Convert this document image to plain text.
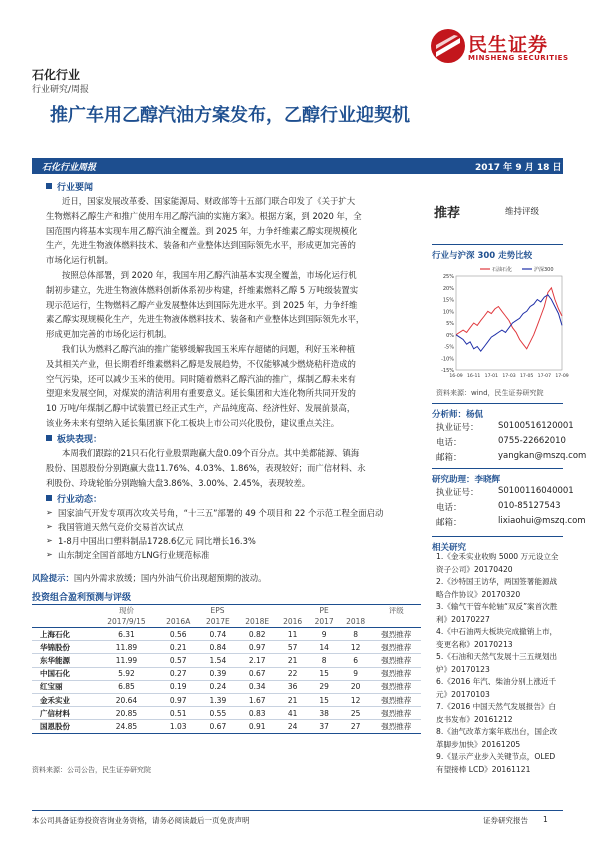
民生证券
MINSHENG SECURITIES
石化行业
行业研究/周报
推广车用乙醇汽油方案发布，乙醇行业迎契机
石化行业周报	2017 年 9 月 18 日
行业要闻
近日，国家发展改革委、国家能源局、财政部等十五部门联合印发了《关于扩大
生物燃料乙醇生产和推广使用车用乙醇汽油的实施方案》。根据方案，到 2020 年，全
国范围内将基本实现车用乙醇汽油全覆盖。到 2025 年，力争纤维素乙醇实现规模化
生产，先进生物液体燃料技术、装备和产业整体达到国际领先水平，形成更加完善的
市场化运行机制。
按照总体部署，到 2020 年，我国车用乙醇汽油基本实现全覆盖，市场化运行机
制初步建立，先进生物液体燃料创新体系初步构建，纤维素燃料乙醇 5 万吨级装置实
现示范运行，生物燃料乙醇产业发展整体达到国际先进水平。到 2025 年，力争纤维
素乙醇实现规模化生产，先进生物液体燃料技术、装备和产业整体达到国际领先水平，
形成更加完善的市场化运行机制。
我们认为燃料乙醇汽油的推广能够缓解我国玉米库存超储的问题，利好玉米种植
及其相关产业，但长期看纤维素燃料乙醇是发展趋势，不仅能够减少燃烧秸秆造成的
空气污染，还可以减少玉米的使用。同时随着燃料乙醇汽油的推广，煤制乙醇未来有
望迎来发展空间，对煤炭的清洁利用有重要意义。延长集团和大连化物所共同开发的
10 万吨/年煤制乙醇中试装置已经正式生产，产品纯度高、经济性好、发展前景高，
该业务未来有望纳入延长集团旗下化工板块上市公司兴化股份，建议重点关注。
板块表现：
本周我们跟踪的21只石化行业股票跑赢大盘0.09个百分点。其中美都能源、镇海
股份、国恩股份分别跑赢大盘11.76%、4.03%、1.86%，表现较好；而广信材料、永
利股份、玲珑轮胎分别跑输大盘3.86%、3.00%、2.45%，表现较差。
行业动态：
➢ 国家油气开发专项再次攻关号角，“十三五”部署的 49 个项目和 22 个示范工程全面启动
➢ 我国管道天然气竞价交易首次试点
➢ 1-8月中国出口塑料制品1728.6亿元 同比增长16.3%
➢ 山东制定全国首部地方LNG行业规范标准
风险提示：国内外需求放缓；国内外油气价出现超预期的波动。
投资组合盈利预测与评级
	现价	EPS			PE			评级
	2017/9/15	2016A	2017E	2018E	2016	2017	2018	
上海石化	6.31	0.56	0.74	0.82	11	9	8	强烈推荐
华锦股份	11.89	0.21	0.84	0.97	57	14	12	强烈推荐
东华能源	11.99	0.57	1.54	2.17	21	8	6	强烈推荐
中国石化	5.92	0.27	0.39	0.67	22	15	9	强烈推荐
红宝丽	6.85	0.19	0.24	0.34	36	29	20	强烈推荐
金禾实业	20.64	0.97	1.39	1.67	21	15	12	强烈推荐
广信材料	20.85	0.51	0.55	0.83	41	38	25	强烈推荐
国恩股份	24.85	1.03	0.67	0.91	24	37	27	强烈推荐
资料来源：公司公告，民生证券研究院
推荐	维持评级
行业与沪深 300 走势比较
-15%
-10%
-5%
0%
5%
10%
15%
20%
25%
16-09 16-11 17-01 17-03 17-05 17-07 17-09
石油石化	沪深300
资料来源：wind，民生证券研究院
分析师：杨侃
执业证号： S0100516120001
电话：	0755-22662010
邮箱：	yangkan@mszq.com
研究助理：李晓辉
执业证号： S0100116040001
电话：	010-85127543
邮箱：	lixiaohui@mszq.com
相关研究
1.《金禾实业收购 5000 万元设立全资子公司》20170420
2.《沙特国王访华，两国签署能源战略合作协议》20170320
3.《输气干管车轮轴“双反”案首次胜利》20170227
4.《中石油两大板块完成撤销上市，变更名称》20170213
5.《石油和天然气发展十三五规划出炉》20170123
6.《2016 年汽、柴油分别上涨近千元》20170103
7.《2016 中国天然气发展报告》白皮书发布》20161212
8.《油气改革方案年底出台，国企改革脚步加快》20161205
9.《显示产业步入关键节点，OLED 有望接棒 LCD》20161121
本公司具备证券投资咨询业务资格，请务必阅读最后一页免责声明	证券研究报告 1
